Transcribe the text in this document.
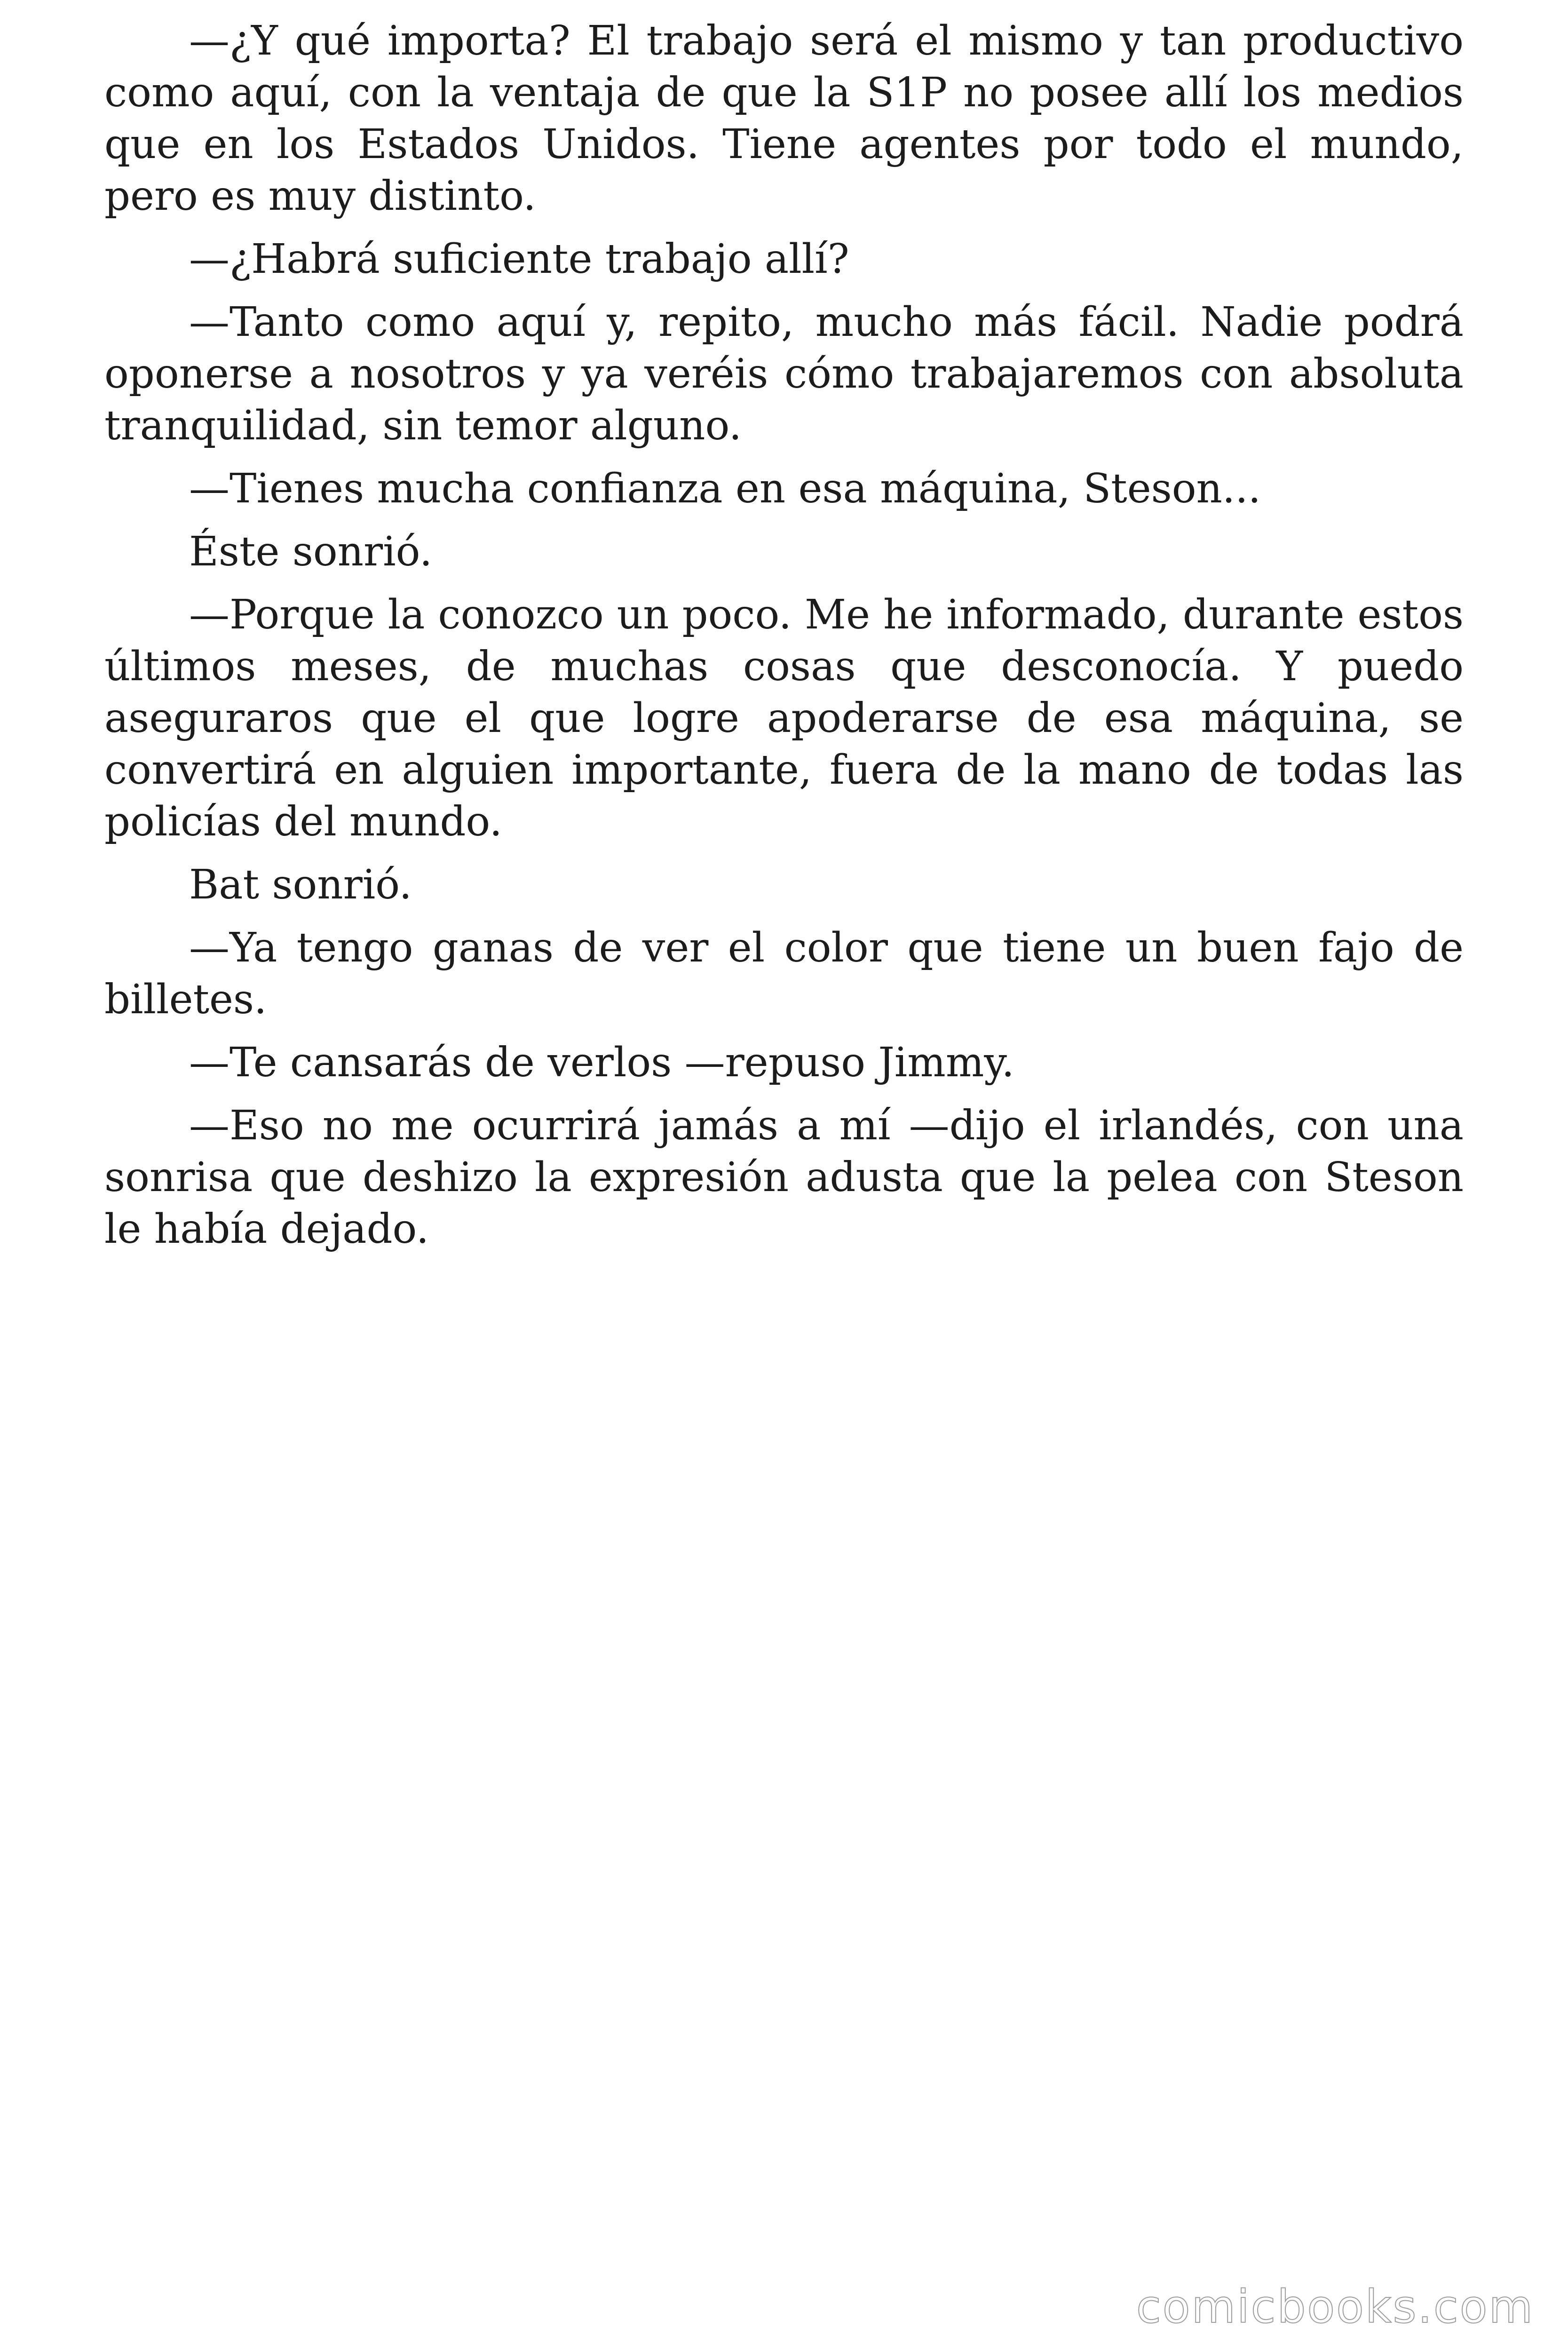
—¿Y qué importa? El trabajo será el mismo y tan productivo como aquí, con la ventaja de que la S1P no posee allí los medios que en los Estados Unidos. Tiene agentes por todo el mundo, pero es muy distinto.

—¿Habrá suficiente trabajo allí?

—Tanto como aquí y, repito, mucho más fácil. Nadie podrá oponerse a nosotros y ya veréis cómo trabajaremos con absoluta tranquilidad, sin temor alguno.

—Tienes mucha confianza en esa máquina, Steson...

Éste sonrió.

—Porque la conozco un poco. Me he informado, durante estos últimos meses, de muchas cosas que desconocía. Y puedo aseguraros que el que logre apoderarse de esa máquina, se convertirá en alguien importante, fuera de la mano de todas las policías del mundo.

Bat sonrió.

—Ya tengo ganas de ver el color que tiene un buen fajo de billetes.

—Te cansarás de verlos —repuso Jimmy.

—Eso no me ocurrirá jamás a mí —dijo el irlandés, con una sonrisa que deshizo la expresión adusta que la pelea con Steson le había dejado.

comicbooks.com
